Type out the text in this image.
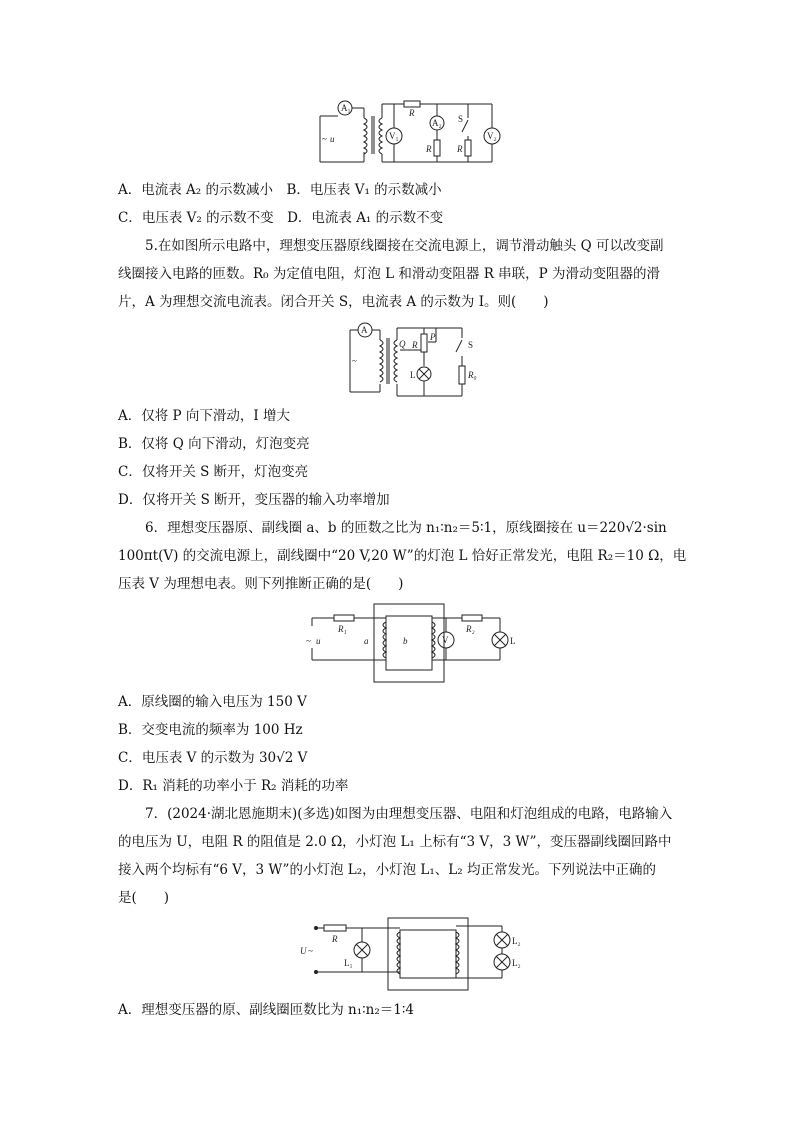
A₁
V₁
R
A₂
R
S
R
V₂
~ u
A．电流表 A₂ 的示数减小　B．电压表 V₁ 的示数减小
C．电压表 V₂ 的示数不变　D．电流表 A₁ 的示数不变
5.在如图所示电路中，理想变压器原线圈接在交流电源上，调节滑动触头 Q 可以改变副
线圈接入电路的匝数。R₀ 为定值电阻，灯泡 L 和滑动变阻器 R 串联，P 为滑动变阻器的滑
片，A 为理想交流电流表。闭合开关 S，电流表 A 的示数为 I。则(　　)
A
Q
P
R
L
S
R₀
~
A．仅将 P 向下滑动，I 增大
B．仅将 Q 向下滑动，灯泡变亮
C．仅将开关 S 断开，灯泡变亮
D．仅将开关 S 断开，变压器的输入功率增加
6．理想变压器原、副线圈 a、b 的匝数之比为 n₁∶n₂＝5∶1，原线圈接在 u＝220√2·sin
100πt(V) 的交流电源上，副线圈中“20 V,20 W”的灯泡 L 恰好正常发光，电阻 R₂＝10 Ω，电
压表 V 为理想电表。则下列推断正确的是(　　)
R₁	R₂
a	b	V	L
~ u
A．原线圈的输入电压为 150 V
B．交变电流的频率为 100 Hz
C．电压表 V 的示数为 30√2 V
D．R₁ 消耗的功率小于 R₂ 消耗的功率
7．(2024·湖北恩施期末)(多选)如图为由理想变压器、电阻和灯泡组成的电路，电路输入
的电压为 U，电阻 R 的阻值是 2.0 Ω，小灯泡 L₁ 上标有“3 V，3 W”，变压器副线圈回路中
接入两个均标有“6 V，3 W”的小灯泡 L₂，小灯泡 L₁、L₂ 均正常发光。下列说法中正确的
是(　　)
R
L₁
L₂
L₂
U ~
A．理想变压器的原、副线圈匝数比为 n₁∶n₂＝1∶4
